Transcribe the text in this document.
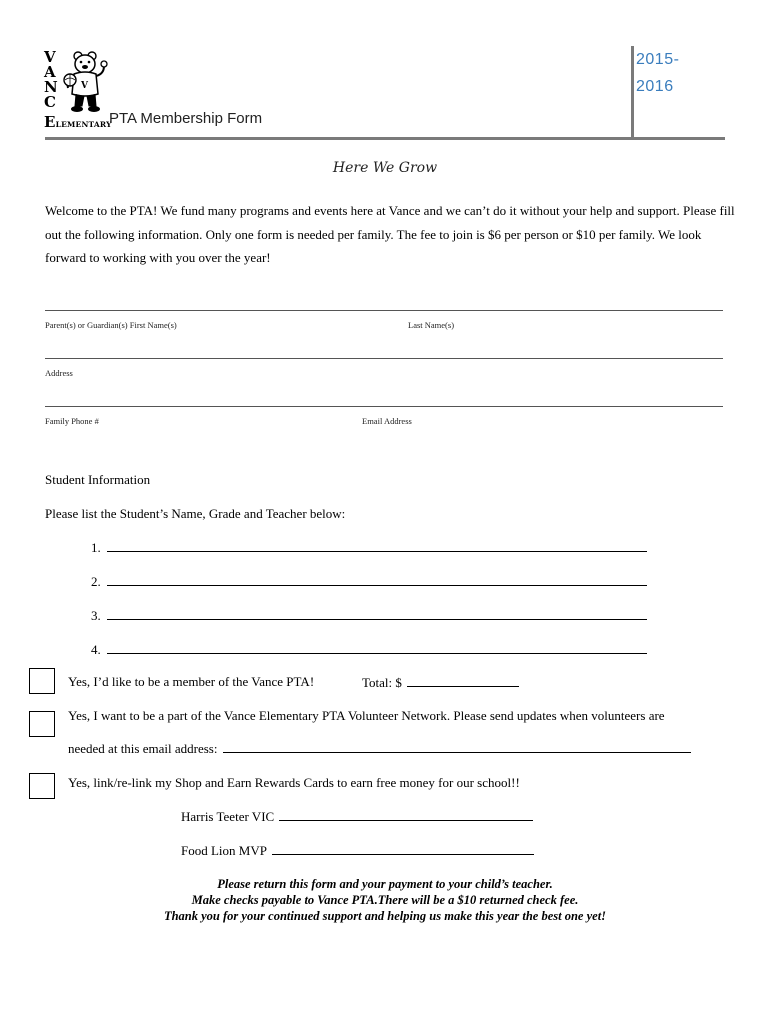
V
A
N
C
ELEMENTARY
V
PTA Membership Form
2015-
2016
Here We Grow
Welcome to the PTA! We fund many programs and events here at Vance and we can’t do it without your help and support. Please fill out the following information. Only one form is needed per family. The fee to join is $6 per person or $10 per family. We look forward to working with you over the year!
Parent(s) or Guardian(s) First Name(s)	Last Name(s)
Address
Family Phone #	Email Address
Student Information
Please list the Student’s Name, Grade and Teacher below:
1.
2.
3.
4.
Yes, I’d like to be a member of the Vance PTA!	Total: $
Yes, I want to be a part of the Vance Elementary PTA Volunteer Network. Please send updates when volunteers are
needed at this email address:
Yes, link/re-link my Shop and Earn Rewards Cards to earn free money for our school!!
Harris Teeter VIC
Food Lion MVP
Please return this form and your payment to your child’s teacher.
Make checks payable to Vance PTA.There will be a $10 returned check fee.
Thank you for your continued support and helping us make this year the best one yet!
